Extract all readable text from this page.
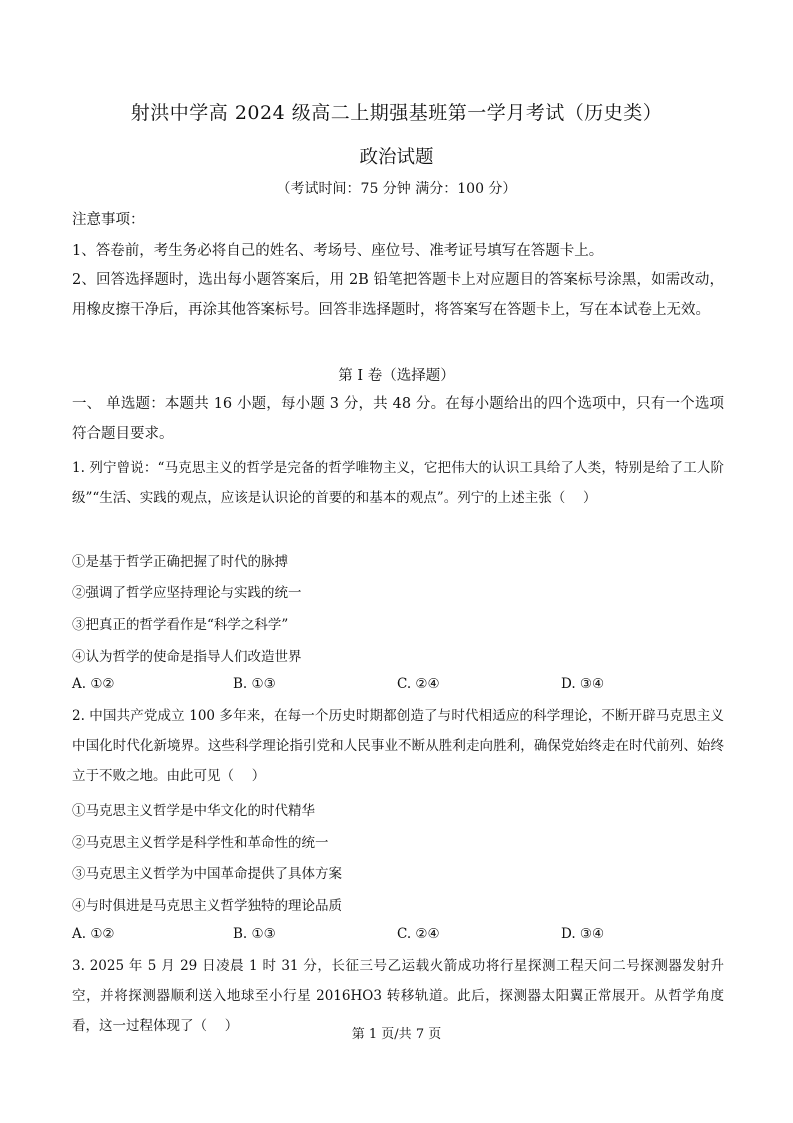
射洪中学高 2024 级高二上期强基班第一学月考试（历史类）
政治试题
（考试时间：75 分钟 满分：100 分）
注意事项：
1、答卷前，考生务必将自己的姓名、考场号、座位号、准考证号填写在答题卡上。
2、回答选择题时，选出每小题答案后，用 2B 铅笔把答题卡上对应题目的答案标号涂黑，如需改动，用橡皮擦干净后，再涂其他答案标号。回答非选择题时，将答案写在答题卡上，写在本试卷上无效。
第 I 卷（选择题）
一、 单选题：本题共 16 小题，每小题 3 分，共 48 分。在每小题给出的四个选项中，只有一个选项符合题目要求。
1. 列宁曾说：“马克思主义的哲学是完备的哲学唯物主义，它把伟大的认识工具给了人类，特别是给了工人阶级”“生活、实践的观点，应该是认识论的首要的和基本的观点”。列宁的上述主张（　 ）
①是基于哲学正确把握了时代的脉搏
②强调了哲学应坚持理论与实践的统一
③把真正的哲学看作是“科学之科学”
④认为哲学的使命是指导人们改造世界
A. ①②	B. ①③	C. ②④	D. ③④
2. 中国共产党成立 100 多年来，在每一个历史时期都创造了与时代相适应的科学理论，不断开辟马克思主义中国化时代化新境界。这些科学理论指引党和人民事业不断从胜利走向胜利，确保党始终走在时代前列、始终立于不败之地。由此可见（　 ）
①马克思主义哲学是中华文化的时代精华
②马克思主义哲学是科学性和革命性的统一
③马克思主义哲学为中国革命提供了具体方案
④与时俱进是马克思主义哲学独特的理论品质
A. ①②	B. ①③	C. ②④	D. ③④
3. 2025 年 5 月 29 日凌晨 1 时 31 分，长征三号乙运载火箭成功将行星探测工程天问二号探测器发射升空，并将探测器顺利送入地球至小行星 2016HO3 转移轨道。此后，探测器太阳翼正常展开。从哲学角度看，这一过程体现了（　 ）
第 1 页/共 7 页
